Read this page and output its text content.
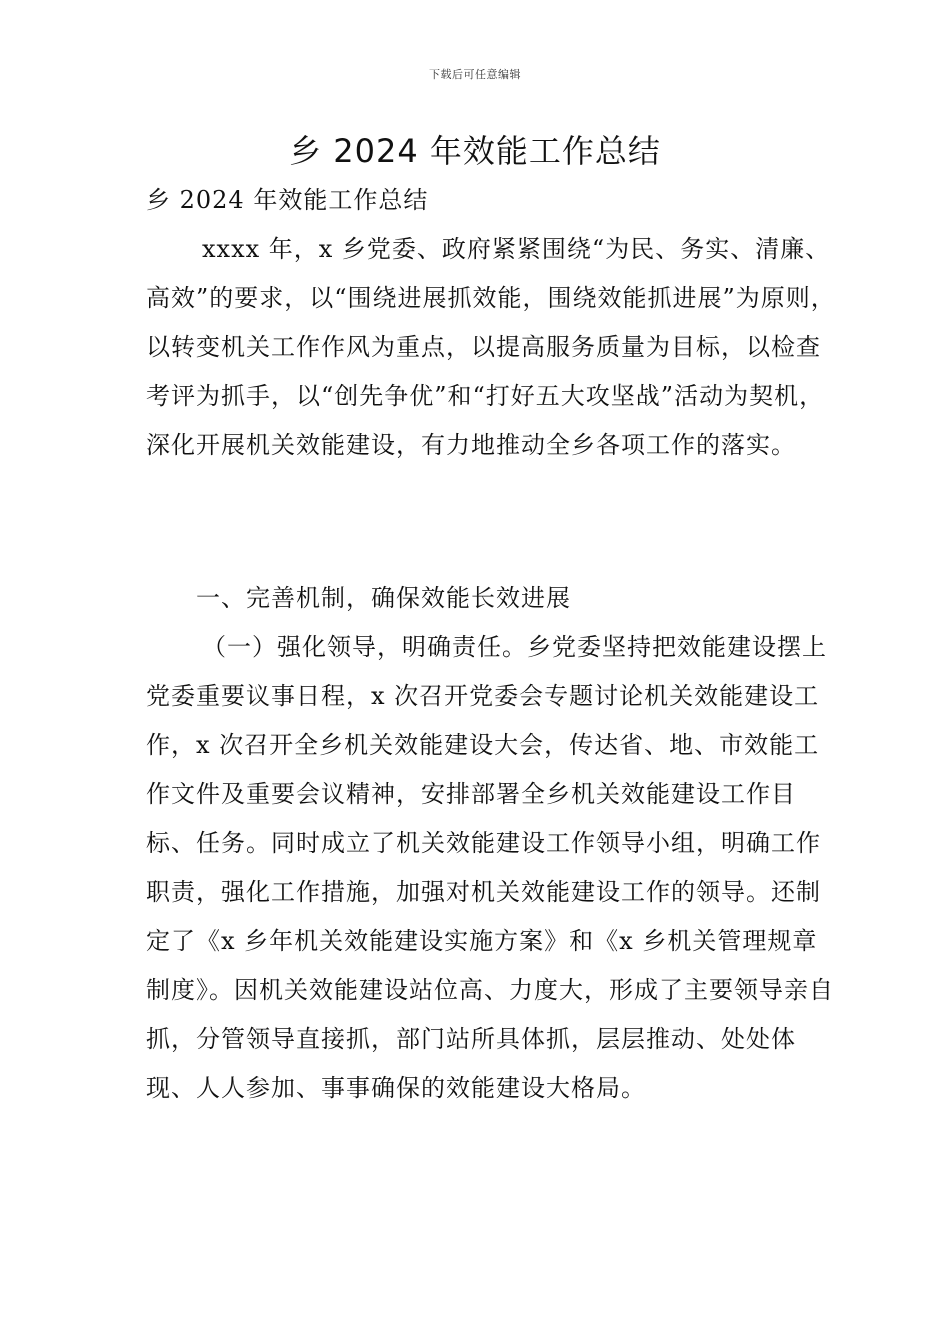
下载后可任意编辑
乡 2024 年效能工作总结

乡 2024 年效能工作总结

xxxx 年，x 乡党委、政府紧紧围绕“为民、务实、清廉、高效”的要求，以“围绕进展抓效能，围绕效能抓进展”为原则，以转变机关工作作风为重点，以提高服务质量为目标，以检查考评为抓手，以“创先争优”和“打好五大攻坚战”活动为契机，深化开展机关效能建设，有力地推动全乡各项工作的落实。

一、完善机制，确保效能长效进展

（一）强化领导，明确责任。乡党委坚持把效能建设摆上党委重要议事日程，x 次召开党委会专题讨论机关效能建设工作，x 次召开全乡机关效能建设大会，传达省、地、市效能工作文件及重要会议精神，安排部署全乡机关效能建设工作目标、任务。同时成立了机关效能建设工作领导小组，明确工作职责，强化工作措施，加强对机关效能建设工作的领导。还制定了《x 乡年机关效能建设实施方案》和《x 乡机关管理规章制度》。因机关效能建设站位高、力度大，形成了主要领导亲自抓，分管领导直接抓，部门站所具体抓，层层推动、处处体现、人人参加、事事确保的效能建设大格局。
